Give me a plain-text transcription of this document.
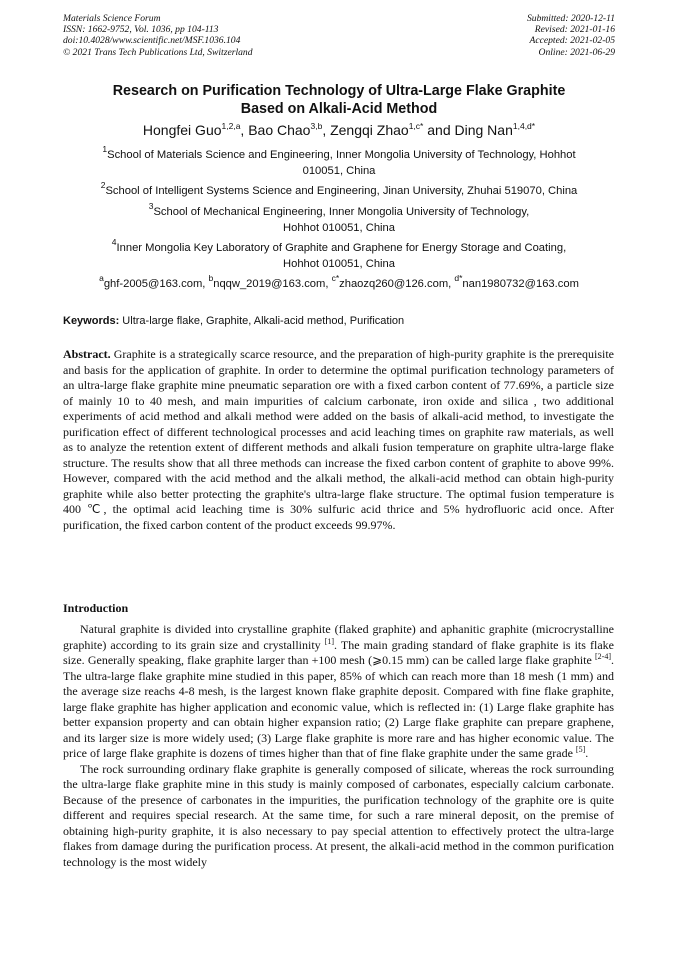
Materials Science Forum
ISSN: 1662-9752, Vol. 1036, pp 104-113
doi:10.4028/www.scientific.net/MSF.1036.104
© 2021 Trans Tech Publications Ltd, Switzerland
Submitted: 2020-12-11
Revised: 2021-01-16
Accepted: 2021-02-05
Online: 2021-06-29
Research on Purification Technology of Ultra-Large Flake Graphite
Based on Alkali-Acid Method
Hongfei Guo$^{1,2,a}$, Bao Chao$^{3,b}$, Zengqi Zhao$^{1,c*}$ and Ding Nan$^{1,4,d*}$
$^1$School of Materials Science and Engineering, Inner Mongolia University of Technology, Hohhot
010051, China
$^2$School of Intelligent Systems Science and Engineering, Jinan University, Zhuhai 519070, China
$^3$School of Mechanical Engineering, Inner Mongolia University of Technology,
Hohhot 010051, China
$^4$Inner Mongolia Key Laboratory of Graphite and Graphene for Energy Storage and Coating,
Hohhot 010051, China
$^a$ghf-2005@163.com, $^b$nqqw_2019@163.com, $^{c*}$zhaozq260@126.com, $^{d*}$nan1980732@163.com
Keywords: Ultra-large flake, Graphite, Alkali-acid method, Purification
Abstract. Graphite is a strategically scarce resource, and the preparation of high-purity graphite is the prerequisite and basis for the application of graphite. In order to determine the optimal purification technology parameters of an ultra-large flake graphite mine pneumatic separation ore with a fixed carbon content of 77.69%, a particle size of mainly 10 to 40 mesh, and main impurities of calcium carbonate, iron oxide and silica , two additional experiments of acid method and alkali method were added on the basis of alkali-acid method, to investigate the purification effect of different technological processes and acid leaching times on graphite raw materials, as well as to analyze the retention extent of different methods and alkali fusion temperature on graphite ultra-large flake structure. The results show that all three methods can increase the fixed carbon content of graphite to above 99%. However, compared with the acid method and the alkali method, the alkali-acid method can obtain high-purity graphite while also better protecting the graphite's ultra-large flake structure. The optimal fusion temperature is 400 ℃, the optimal acid leaching time is 30% sulfuric acid thrice and 5% hydrofluoric acid once. After purification, the fixed carbon content of the product exceeds 99.97%.
Introduction

Natural graphite is divided into crystalline graphite (flaked graphite) and aphanitic graphite (microcrystalline graphite) according to its grain size and crystallinity [1]. The main grading standard of flake graphite is its flake size. Generally speaking, flake graphite larger than +100 mesh (⩾0.15 mm) can be called large flake graphite [2-4]. The ultra-large flake graphite mine studied in this paper, 85% of which can reach more than 18 mesh (1 mm) and the average size reachs 4-8 mesh, is the largest known flake graphite deposit. Compared with fine flake graphite, large flake graphite has higher application and economic value, which is reflected in: (1) Large flake graphite has better expansion property and can obtain higher expansion ratio; (2) Large flake graphite can prepare graphene, and its larger size is more widely used; (3) Large flake graphite is more rare and has higher economic value. The price of large flake graphite is dozens of times higher than that of fine flake graphite under the same grade [5].

The rock surrounding ordinary flake graphite is generally composed of silicate, whereas the rock surrounding the ultra-large flake graphite mine in this study is mainly composed of carbonates, especially calcium carbonate. Because of the presence of carbonates in the impurities, the purification technology of the graphite ore is quite different and requires special research. At the same time, for such a rare mineral deposit, on the premise of obtaining high-purity graphite, it is also necessary to pay special attention to effectively protect the ultra-large flakes from damage during the purification process. At present, the alkali-acid method in the common purification technology is the most widely
